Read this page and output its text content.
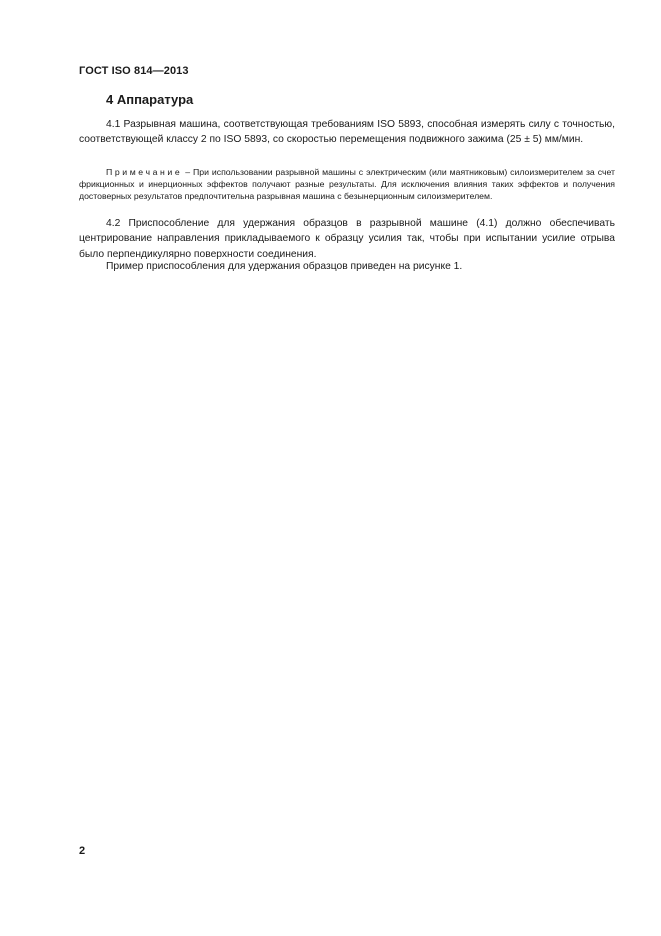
ГОСТ ISO 814—2013
4 Аппаратура

4.1 Разрывная машина, соответствующая требованиям ISO 5893, способная измерять силу с точностью, соответствующей классу 2 по ISO 5893, со скоростью перемещения подвижного зажима (25 ± 5) мм/мин.

Примечание – При использовании разрывной машины с электрическим (или маятниковым) силоизмерителем за счет фрикционных и инерционных эффектов получают разные результаты. Для исключения влияния таких эффектов и получения достоверных результатов предпочтительна разрывная машина с безынерционным силоизмерителем.

4.2 Приспособление для удержания образцов в разрывной машине (4.1) должно обеспечивать центрирование направления прикладываемого к образцу усилия так, чтобы при испытании усилие отрыва было перпендикулярно поверхности соединения.

Пример приспособления для удержания образцов приведен на рисунке 1.

2
